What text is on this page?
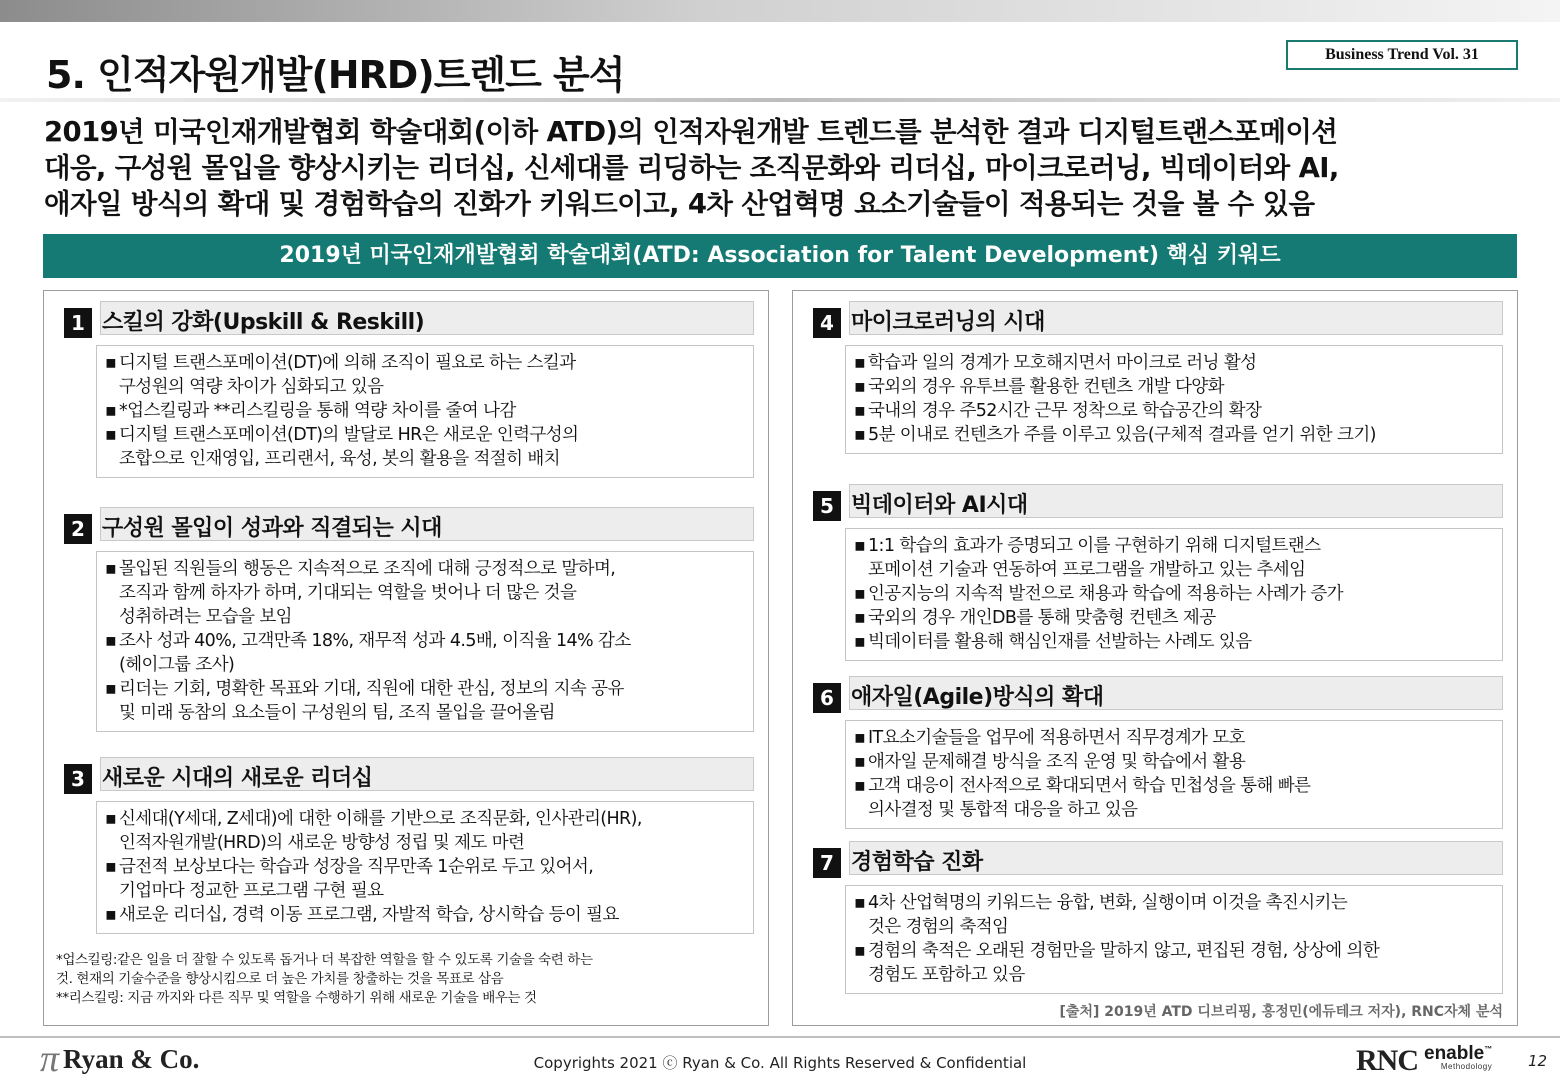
5. 인적자원개발(HRD)트렌드 분석	Business Trend Vol. 31
2019년 미국인재개발협회 학술대회(이하 ATD)의 인적자원개발 트렌드를 분석한 결과 디지털트랜스포메이션
대응, 구성원 몰입을 향상시키는 리더십, 신세대를 리딩하는 조직문화와 리더십, 마이크로러닝, 빅데이터와 AI,
애자일 방식의 확대 및 경험학습의 진화가 키워드이고, 4차 산업혁명 요소기술들이 적용되는 것을 볼 수 있음
2019년 미국인재개발협회 학술대회(ATD: Association for Talent Development) 핵심 키워드
1 스킬의 강화(Upskill & Reskill)
▪ 디지털 트랜스포메이션(DT)에 의해 조직이 필요로 하는 스킬과
구성원의 역량 차이가 심화되고 있음
▪ *업스킬링과 **리스킬링을 통해 역량 차이를 줄여 나감
▪ 디지털 트랜스포메이션(DT)의 발달로 HR은 새로운 인력구성의
조합으로 인재영입, 프리랜서, 육성, 봇의 활용을 적절히 배치
2 구성원 몰입이 성과와 직결되는 시대
▪ 몰입된 직원들의 행동은 지속적으로 조직에 대해 긍정적으로 말하며,
조직과 함께 하자가 하며, 기대되는 역할을 벗어나 더 많은 것을
성취하려는 모습을 보임
▪ 조사 성과 40%, 고객만족 18%, 재무적 성과 4.5배, 이직율 14% 감소
(헤이그룹 조사)
▪ 리더는 기회, 명확한 목표와 기대, 직원에 대한 관심, 정보의 지속 공유
및 미래 동참의 요소들이 구성원의 팀, 조직 몰입을 끌어올림
3 새로운 시대의 새로운 리더십
▪ 신세대(Y세대, Z세대)에 대한 이해를 기반으로 조직문화, 인사관리(HR),
인적자원개발(HRD)의 새로운 방향성 정립 및 제도 마련
▪ 금전적 보상보다는 학습과 성장을 직무만족 1순위로 두고 있어서,
기업마다 정교한 프로그램 구현 필요
▪ 새로운 리더십, 경력 이동 프로그램, 자발적 학습, 상시학습 등이 필요
*업스킬링:같은 일을 더 잘할 수 있도록 돕거나 더 복잡한 역할을 할 수 있도록 기술을 숙련 하는
것. 현재의 기술수준을 향상시킴으로 더 높은 가치를 창출하는 것을 목표로 삼음
**리스킬링: 지금 까지와 다른 직무 및 역할을 수행하기 위해 새로운 기술을 배우는 것
4 마이크로러닝의 시대
▪ 학습과 일의 경계가 모호해지면서 마이크로 러닝 활성
▪ 국외의 경우 유투브를 활용한 컨텐츠 개발 다양화
▪ 국내의 경우 주52시간 근무 정착으로 학습공간의 확장
▪ 5분 이내로 컨텐츠가 주를 이루고 있음(구체적 결과를 얻기 위한 크기)
5 빅데이터와 AI시대
▪ 1:1 학습의 효과가 증명되고 이를 구현하기 위해 디지털트랜스
포메이션 기술과 연동하여 프로그램을 개발하고 있는 추세임
▪ 인공지능의 지속적 발전으로 채용과 학습에 적용하는 사례가 증가
▪ 국외의 경우 개인DB를 통해 맞춤형 컨텐츠 제공
▪ 빅데이터를 활용해 핵심인재를 선발하는 사례도 있음
6 애자일(Agile)방식의 확대
▪ IT요소기술들을 업무에 적용하면서 직무경계가 모호
▪ 애자일 문제해결 방식을 조직 운영 및 학습에서 활용
▪ 고객 대응이 전사적으로 확대되면서 학습 민첩성을 통해 빠른
의사결정 및 통합적 대응을 하고 있음
7 경험학습 진화
▪ 4차 산업혁명의 키워드는 융합, 변화, 실행이며 이것을 촉진시키는
것은 경험의 축적임
▪ 경험의 축적은 오래된 경험만을 말하지 않고, 편집된 경험, 상상에 의한
경험도 포함하고 있음
[출처] 2019년 ATD 디브리핑, 홍정민(에듀테크 저자), RNC자체 분석
π Ryan & Co.	Copyrights 2021 ⓒ Ryan & Co. All Rights Reserved & Confidential	RNC enable™
Methodology 12
